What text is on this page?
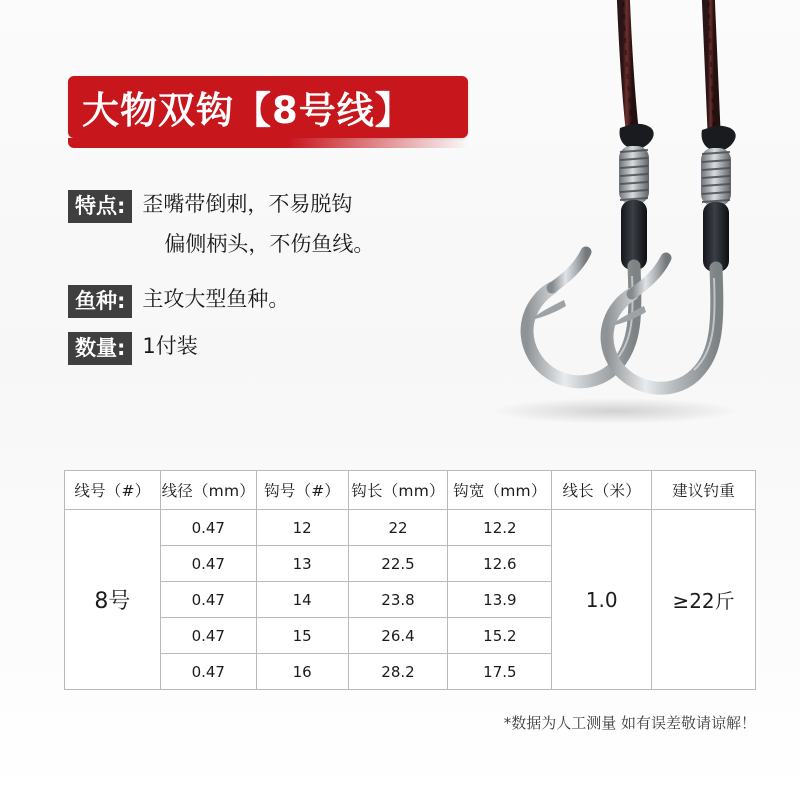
大物双钩【8号线】
特点: 歪嘴带倒刺，不易脱钩
偏侧柄头，不伤鱼线。
鱼种: 主攻大型鱼种。
数量: 1付装
线号（#）	线径（mm）	钩号（#）	钩长（mm）	钩宽（mm）	线长（米）	建议钓重
8号	0.47	12	22	12.2	1.0	≥22斤
	0.47	13	22.5	12.6		
	0.47	14	23.8	13.9		
	0.47	15	26.4	15.2		
	0.47	16	28.2	17.5		
*数据为人工测量 如有误差敬请谅解！
